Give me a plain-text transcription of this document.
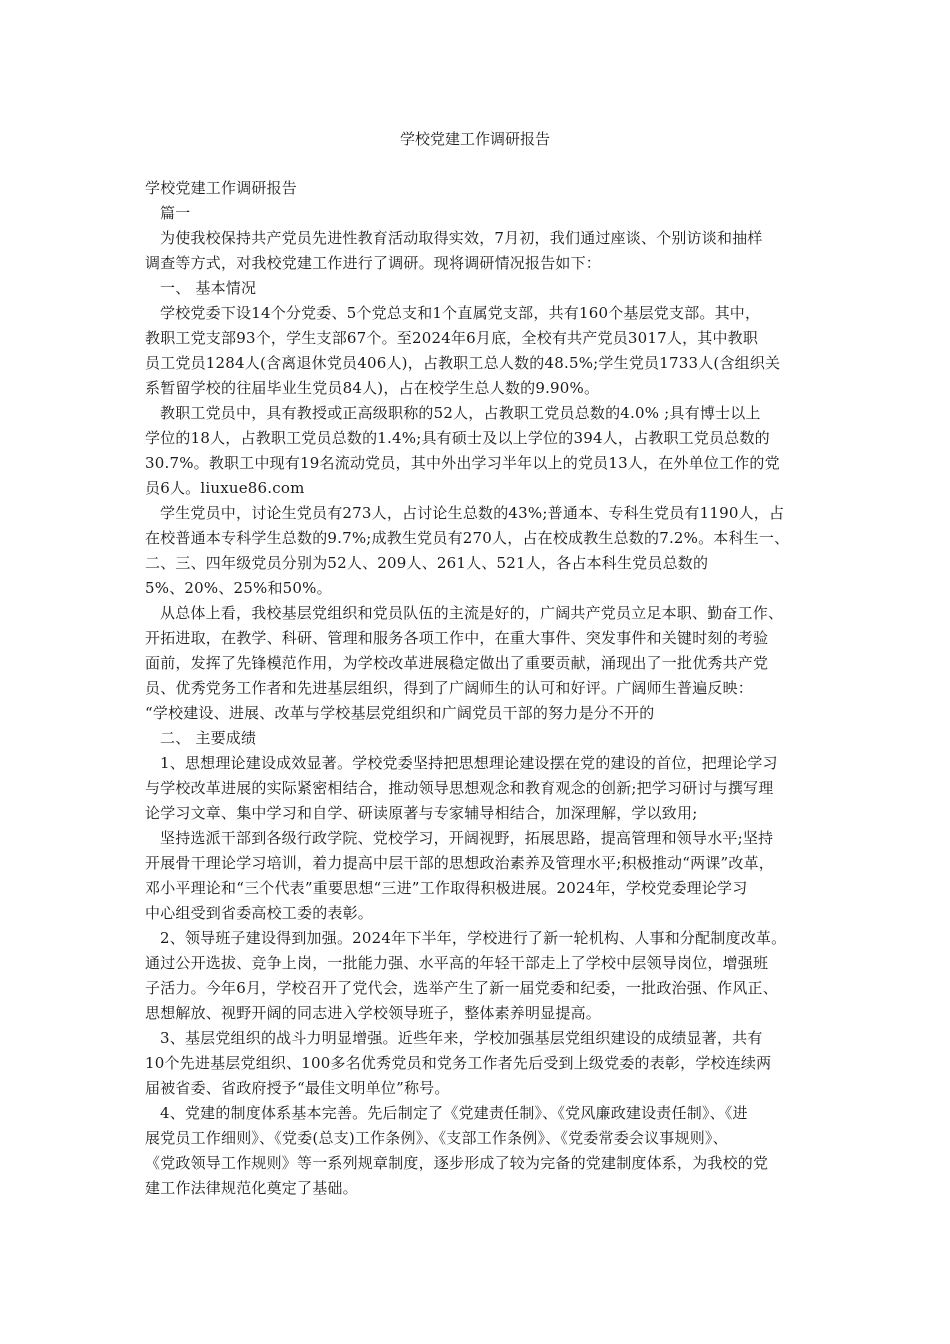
学校党建工作调研报告
学校党建工作调研报告
篇一
为使我校保持共产党员先进性教育活动取得实效，7月初，我们通过座谈、个别访谈和抽样
调查等方式，对我校党建工作进行了调研。现将调研情况报告如下：
一、 基本情况
学校党委下设14个分党委、5个党总支和1个直属党支部，共有160个基层党支部。其中，
教职工党支部93个，学生支部67个。至2024年6月底，全校有共产党员3017人，其中教职
员工党员1284人(含离退休党员406人)，占教职工总人数的48.5%;学生党员1733人(含组织关
系暂留学校的往届毕业生党员84人)，占在校学生总人数的9.90%。
教职工党员中，具有教授或正高级职称的52人，占教职工党员总数的4.0% ;具有博士以上
学位的18人，占教职工党员总数的1.4%;具有硕士及以上学位的394人，占教职工党员总数的
30.7%。教职工中现有19名流动党员，其中外出学习半年以上的党员13人，在外单位工作的党
员6人。liuxue86.com
学生党员中，讨论生党员有273人，占讨论生总数的43%;普通本、专科生党员有1190人，占
在校普通本专科学生总数的9.7%;成教生党员有270人，占在校成教生总数的7.2%。本科生一、
二、三、四年级党员分别为52人、209人、261人、521人，各占本科生党员总数的
5%、20%、25%和50%。
从总体上看，我校基层党组织和党员队伍的主流是好的，广阔共产党员立足本职、勤奋工作、
开拓进取，在教学、科研、管理和服务各项工作中，在重大事件、突发事件和关键时刻的考验
面前，发挥了先锋模范作用，为学校改革进展稳定做出了重要贡献，涌现出了一批优秀共产党
员、优秀党务工作者和先进基层组织，得到了广阔师生的认可和好评。广阔师生普遍反映：
“学校建设、进展、改革与学校基层党组织和广阔党员干部的努力是分不开的
二、 主要成绩
1、思想理论建设成效显著。学校党委坚持把思想理论建设摆在党的建设的首位，把理论学习
与学校改革进展的实际紧密相结合，推动领导思想观念和教育观念的创新;把学习研讨与撰写理
论学习文章、集中学习和自学、研读原著与专家辅导相结合，加深理解，学以致用;
坚持选派干部到各级行政学院、党校学习，开阔视野，拓展思路，提高管理和领导水平;坚持
开展骨干理论学习培训，着力提高中层干部的思想政治素养及管理水平;积极推动“两课”改革，
邓小平理论和“三个代表”重要思想“三进”工作取得积极进展。2024年，学校党委理论学习
中心组受到省委高校工委的表彰。
2、领导班子建设得到加强。2024年下半年，学校进行了新一轮机构、人事和分配制度改革。
通过公开选拔、竞争上岗，一批能力强、水平高的年轻干部走上了学校中层领导岗位，增强班
子活力。今年6月，学校召开了党代会，选举产生了新一届党委和纪委，一批政治强、作风正、
思想解放、视野开阔的同志进入学校领导班子，整体素养明显提高。
3、基层党组织的战斗力明显增强。近些年来，学校加强基层党组织建设的成绩显著，共有
10个先进基层党组织、100多名优秀党员和党务工作者先后受到上级党委的表彰，学校连续两
届被省委、省政府授予“最佳文明单位”称号。
4、党建的制度体系基本完善。先后制定了《党建责任制》、《党风廉政建设责任制》、《进
展党员工作细则》、《党委(总支)工作条例》、《支部工作条例》、《党委常委会议事规则》、
《党政领导工作规则》等一系列规章制度，逐步形成了较为完备的党建制度体系，为我校的党
建工作法律规范化奠定了基础。
